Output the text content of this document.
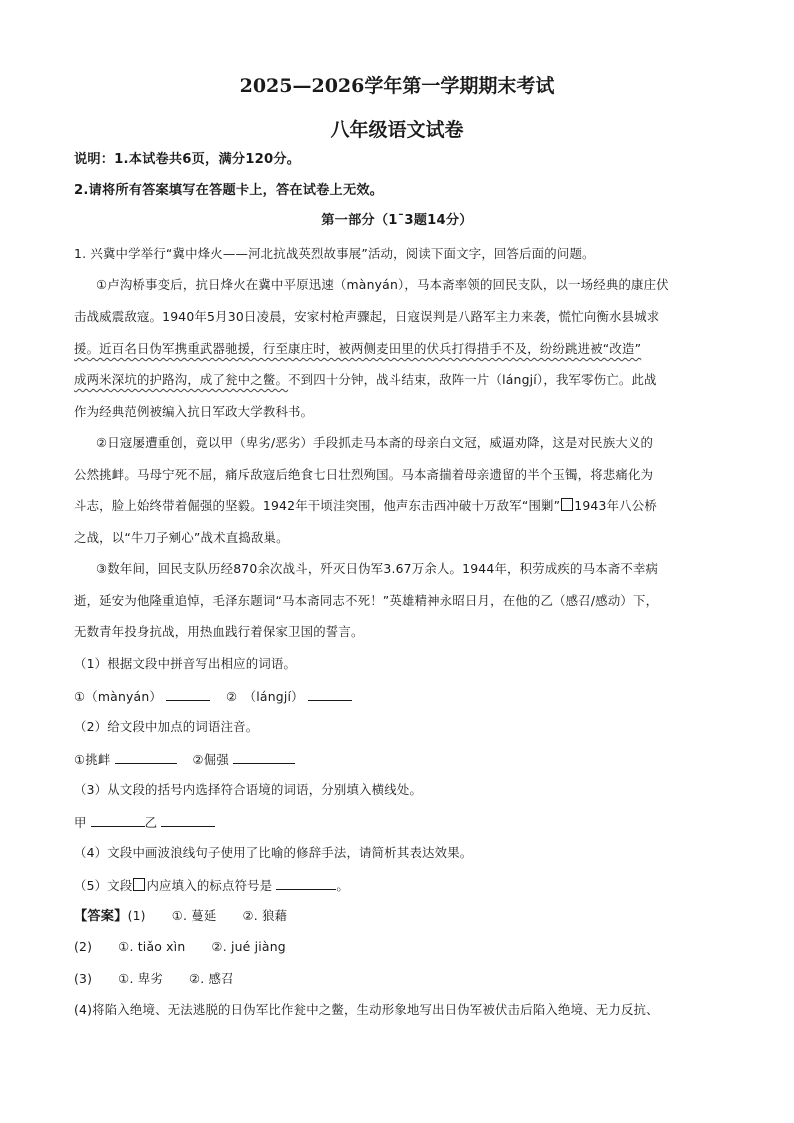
2025—2026学年第一学期期末考试
八年级语文试卷

说明：1.本试卷共6页，满分120分。

2.请将所有答案填写在答题卡上，答在试卷上无效。

第一部分（1¯3题14分）

1. 兴冀中学举行“冀中烽火——河北抗战英烈故事展”活动，阅读下面文字，回答后面的问题。

①卢沟桥事变后，抗日烽火在冀中平原迅速（mànyán），马本斋率领的回民支队，以一场经典的康庄伏

击战威震敌寇。1940年5月30日凌晨，安家村枪声骤起，日寇误判是八路军主力来袭，慌忙向衡水县城求

援。近百名日伪军携重武器驰援，行至康庄时，被两侧麦田里的伏兵打得措手不及，纷纷跳进被“改造”

成两米深坑的护路沟，成了瓮中之鳖。不到四十分钟，战斗结束，敌阵一片（lángjí），我军零伤亡。此战

作为经典范例被编入抗日军政大学教科书。

②日寇屡遭重创，竟以甲（卑劣/恶劣）手段抓走马本斋的母亲白文冠，威逼劝降，这是对民族大义的

公然挑衅。马母宁死不屈，痛斥敌寇后绝食七日壮烈殉国。马本斋揣着母亲遗留的半个玉镯，将悲痛化为

斗志，脸上始终带着倔强的坚毅。1942年干顷洼突围，他声东击西冲破十万敌军“围剿” 1943年八公桥

之战，以“牛刀子剜心”战术直捣敌巢。

③数年间，回民支队历经870余次战斗，歼灭日伪军3.67万余人。1944年，积劳成疾的马本斋不幸病

逝，延安为他隆重追悼，毛泽东题词“马本斋同志不死！”英雄精神永昭日月，在他的乙（感召/感动）下，

无数青年投身抗战，用热血践行着保家卫国的誓言。

（1）根据文段中拼音写出相应的词语。

①（mànyán）	②　（lángjí）

（2）给文段中加点的词语注音。

①挑衅	②倔强

（3）从文段的括号内选择符合语境的词语，分别填入横线处。

甲	乙

（4）文段中画波浪线句子使用了比喻的修辞手法，请简析其表达效果。

（5）文段 内应填入的标点符号是	。

【答案】(1) ①. 蔓延 ②. 狼藉

(2) ①. tiǎo xìn ②. jué jiàng

(3) ①. 卑劣 ②. 感召

(4)将陷入绝境、无法逃脱的日伪军比作瓮中之鳖，生动形象地写出日伪军被伏击后陷入绝境、无力反抗、
